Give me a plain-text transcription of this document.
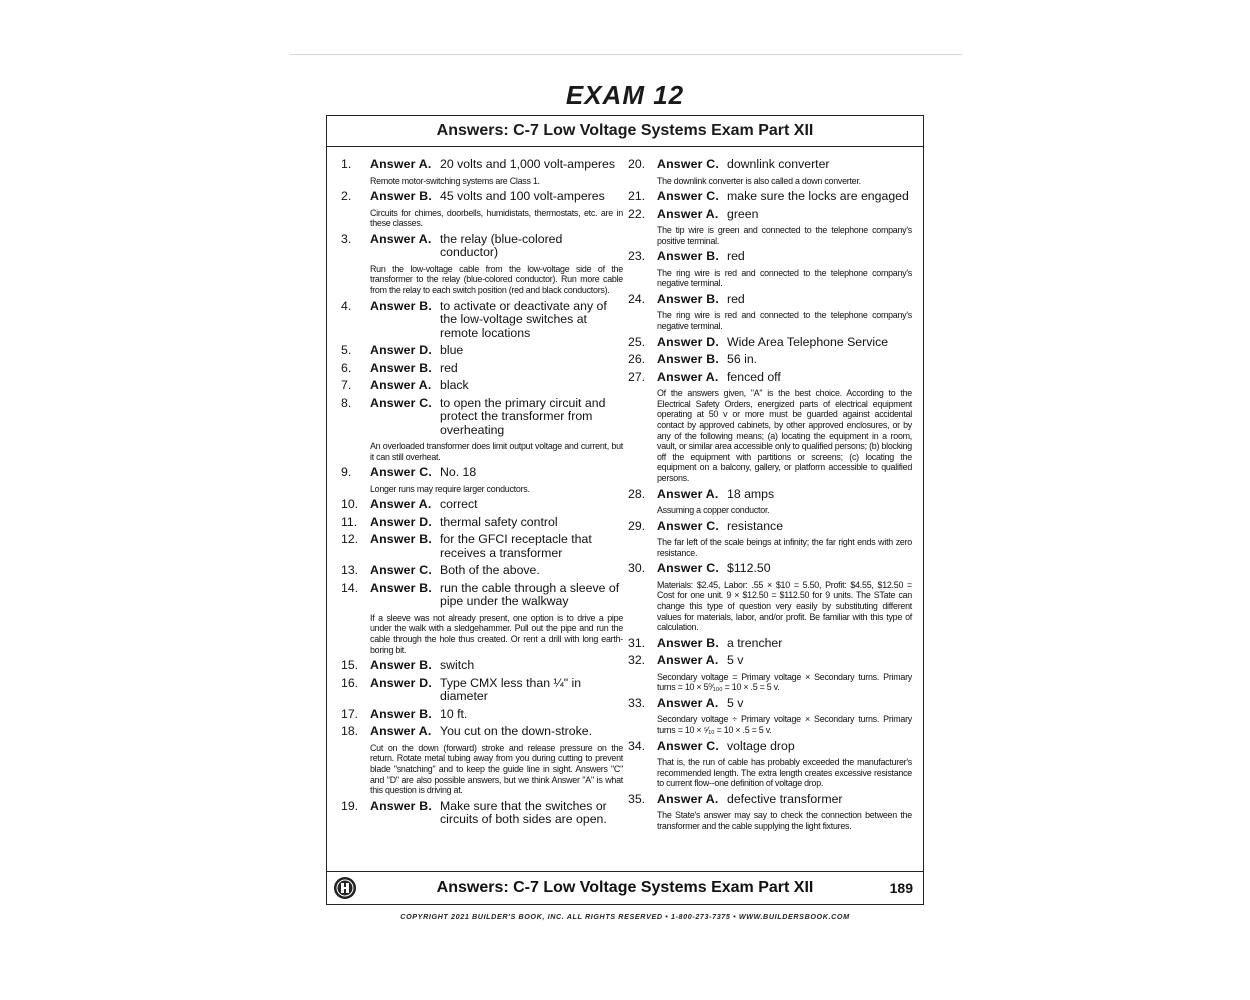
EXAM 12
Answers: C-7 Low Voltage Systems Exam Part XII
Answers: C-7 Low Voltage Systems Exam Part XII	189
1.	Answer A. 20 volts and 1,000 volt-amperes
Remote motor-switching systems are Class 1.
2.	Answer B. 45 volts and 100 volt-amperes
Circuits for chimes, doorbells, humidistats, thermostats, etc. are in these classes.
3.	Answer A. the relay (blue-colored conductor)
Run the low-voltage cable from the low-voltage side of the transformer to the relay (blue-colored conductor). Run more cable from the relay to each switch position (red and black conductors).
4.	Answer B. to activate or deactivate any of the low-voltage switches at remote locations
5.	Answer D. blue
6.	Answer B. red
7.	Answer A. black
8.	Answer C. to open the primary circuit and protect the transformer from overheating
An overloaded transformer does limit output voltage and current, but it can still overheat.
9.	Answer C. No. 18
Longer runs may require larger conductors.
10. Answer A. correct
11.	Answer D. thermal safety control
12. Answer B. for the GFCI receptacle that receives a transformer
13. Answer C. Both of the above.
14. Answer B. run the cable through a sleeve of pipe under the walkway
If a sleeve was not already present, one option is to drive a pipe under the walk with a sledgehammer. Pull out the pipe and run the cable through the hole thus created. Or rent a drill with long earth-boring bit.
15. Answer B. switch
16. Answer D. Type CMX less than ¼" in diameter
17. Answer B. 10 ft.
18. Answer A. You cut on the down-stroke.
Cut on the down (forward) stroke and release pressure on the return. Rotate metal tubing away from you during cutting to prevent blade "snatching" and to keep the guide line in sight. Answers "C" and "D" are also possible answers, but we think Answer "A" is what this question is driving at.
19. Answer B. Make sure that the switches or circuits of both sides are open.
20. Answer C. downlink converter
The downlink converter is also called a down converter.
21. Answer C. make sure the locks are engaged
22. Answer A. green
The tip wire is green and connected to the telephone company's positive terminal.
23. Answer B. red
The ring wire is red and connected to the telephone company's negative terminal.
24. Answer B. red
The ring wire is red and connected to the telephone company's negative terminal.
25. Answer D. Wide Area Telephone Service
26. Answer B. 56 in.
27. Answer A. fenced off
Of the answers given, "A" is the best choice. According to the Electrical Safety Orders, energized parts of electrical equipment operating at 50 v or more must be guarded against accidental contact by approved cabinets, by other approved enclosures, or by any of the following means; (a) locating the equipment in a room, vault, or similar area accessible only to qualified persons; (b) blocking off the equipment with partitions or screens; (c) locating the equipment on a balcony, gallery, or platform accessible to qualified persons.
28. Answer A. 18 amps
Assuming a copper conductor.
29. Answer C. resistance
The far left of the scale beings at infinity; the far right ends with zero resistance.
30. Answer C. $112.50
Materials: $2.45, Labor: .55 × $10 = 5.50, Profit: $4.55, $12.50 = Cost for one unit. 9 × $12.50 = $112.50 for 9 units. The STate can change this type of question very easily by substituting different values for materials, labor, and/or profit. Be familiar with this type of calculation.
31. Answer B. a trencher
32. Answer A. 5 v
Secondary voltage = Primary voltage × Secondary turns. Primary turns = 10 × 5⁰⁄₁₀₀ = 10 × .5 = 5 v.
33. Answer A. 5 v
Secondary voltage ÷ Primary voltage × Secondary turns. Primary turns = 10 × ⁵⁄₁₀ = 10 × .5 = 5 v.
34. Answer C. voltage drop
That is, the run of cable has probably exceeded the manufacturer's recommended length. The extra length creates excessive resistance to current flow--one definition of voltage drop.
35. Answer A. defective transformer
The State's answer may say to check the connection between the transformer and the cable supplying the light fixtures.
COPYRIGHT 2021 BUILDER'S BOOK, INC. ALL RIGHTS RESERVED • 1-800-273-7375 • WWW.BUILDERSBOOK.COM
